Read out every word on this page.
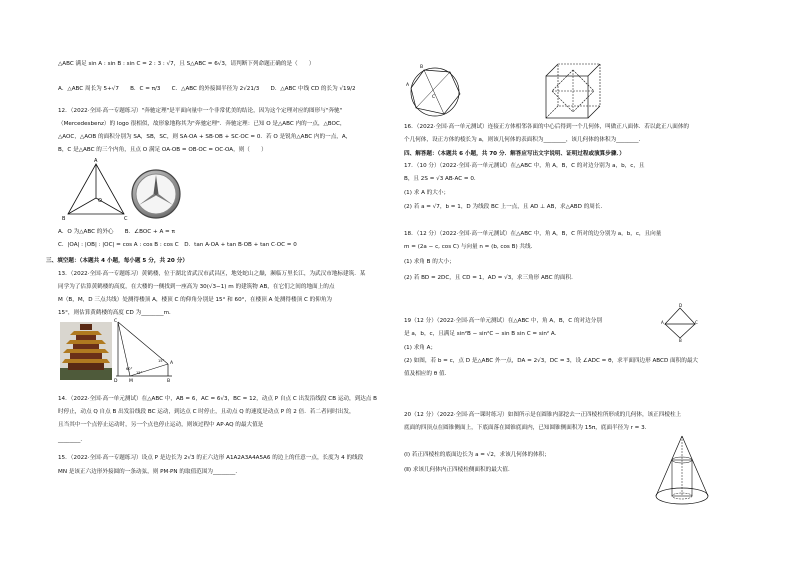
△ABC 满足 sin A : sin B : sin C = 2 : 3 : √7，且 S△ABC = 6√3，请判断下列命题正确的是（　　）
A．△ABC 周长为 5+√7　　B．C = π/3　　C．△ABC 的外接圆半径为 2√21/3　　D．△ABC 中线 CD 的长为 √19/2
12．（2022·全国·高一专题练习）"奔驰定理"是平面向量中一个非常优美的结论，因为这个定理对应的图形与"奔驰"
（Mercedesbenz）的 logo 很相似，故形象地称其为"奔驰定理"．奔驰定理：已知 O 是△ABC 内的一点，△BOC，
△AOC，△AOB 的面积分别为 SA，SB，SC，则 SA·OA + SB·OB + SC·OC = 0．若 O 是锐角△ABC 内的一点，A，
B，C 是△ABC 的三个内角，且点 O 满足 OA·OB = OB·OC = OC·OA，则（　　）
A
B	C
O
A．O 为△ABC 的外心　　B．∠BOC + A = π
C．|OA| : |OB| : |OC| = cos A : cos B : cos C　D．tan A·OA + tan B·OB + tan C·OC = 0
三、填空题：（本题共 4 小题，每小题 5 分，共 20 分）
13．（2022·全国·高一专题练习）黄鹤楼，位于湖北省武汉市武昌区，地处蛇山之巅，濒临万里长江，为武汉市地标建筑．某
同学为了估算黄鹤楼的高度，在大楼的一侧找到一座高为 30(√3−1) m 的建筑物 AB，在它们之间的地面上的点
M（B，M，D 三点共线）处测得楼顶 A，楼顶 C 的仰角分别是 15° 和 60°，在楼顶 A 处测得楼顶 C 的仰角为
15°，则估算黄鹤楼的高度 CD 为________m．
C
D	M	B
A
60°
15°
15°
14．（2022·全国·高一单元测试）在△ABC 中，AB = 6，AC = 6√3，BC = 12，动点 P 自点 C 出发沿线段 CB 运动，到达点 B
时停止，动点 Q 自点 B 出发沿线段 BC 运动，到达点 C 时停止，且动点 Q 的速度是动点 P 的 2 倍．若二者同时出发，
且当其中一个点停止运动时，另一个点也停止运动，则该过程中 AP·AQ 的最大值是
________．
15．（2022·全国·高一专题练习）设点 P 是边长为 2√3 的正六边形 A1A2A3A4A5A6 的边上的任意一点，长度为 4 的线段
MN 是该正六边形外接圆的一条动弦，则 PM·PN 的取值范围为________．
A
B
C
16．（2022·全国·高一单元测试）连接正方体相邻各面的中心后得到一个几何体，叫做正八面体．若以此正八面体的
个几何体，设正方体的棱长为 a，则该几何体的表面积为________，该几何体的体积为________．
四、解答题：（本题共 6 小题，共 70 分．解答应写出文字说明、证明过程或演算步骤．）
17．（10 分）（2022·全国·高一单元测试）在△ABC 中，角 A，B，C 的对边分别为 a，b，c，且
B，且 2S = √3 AB·AC = 0．
(1) 求 A 的大小；
(2) 若 a = √7，b = 1，D 为线段 BC 上一点，且 AD ⊥ AB，求△ABD 的周长．
18．（12 分）（2022·全国·高一单元测试）在△ABC 中，角 A，B，C 所对的边分别为 a，b，c，且向量
m = (2a − c, cos C) 与向量 n = (b, cos B) 共线．
(1) 求角 B 的大小；
(2) 若 BD = 2DC，且 CD = 1，AD = √3，求三角形 ABC 的面积．
19（12 分）（2022·全国·高一单元测试）在△ABC 中，角 A，B，C 的对边分别
是 a，b，c，且满足 sin²B − sin²C − sin B sin C = sin² A．
(1) 求角 A；
(2) 如图，若 b = c，点 D 是△ABC 外一点，DA = 2√3，DC = 3，设 ∠ADC = θ，求平面四边形 ABCD 面积的最大
值及相应的 θ 值．
D
A	C
B
20（12 分）（2022·全国·高一课时练习）如图所示是在圆锥内部挖去一正四棱柱所形成的几何体，该正四棱柱上
底面的四顶点在圆锥侧面上，下底面落在圆锥底面内，已知圆锥侧面积为 15π，底面半径为 r = 3．
(Ⅰ) 若正四棱柱的底面边长为 a = √2，求该几何体的体积；
(Ⅱ) 求该几何体内正四棱柱侧面积的最大值．
